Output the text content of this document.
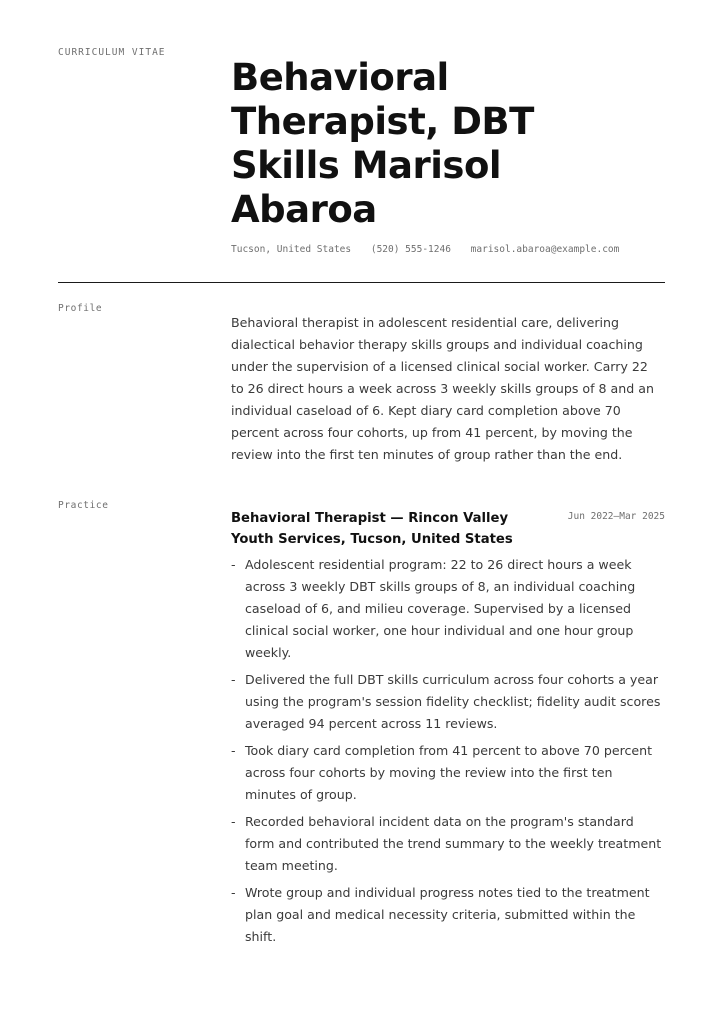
CURRICULUM VITAE
Behavioral Therapist, DBT Skills Marisol Abaroa
Tucson, United States (520) 555-1246 marisol.abaroa@example.com
Profile

Behavioral therapist in adolescent residential care, delivering dialectical behavior therapy skills groups and individual coaching under the supervision of a licensed clinical social worker. Carry 22 to 26 direct hours a week across 3 weekly skills groups of 8 and an individual caseload of 6. Kept diary card completion above 70 percent across four cohorts, up from 41 percent, by moving the review into the first ten minutes of group rather than the end.

Practice

Behavioral Therapist — Rincon Valley Youth Services, Tucson, United States

Jun 2022–Mar 2025
- Adolescent residential program: 22 to 26 direct hours a week across 3 weekly DBT skills groups of 8, an individual coaching caseload of 6, and milieu coverage. Supervised by a licensed clinical social worker, one hour individual and one hour group weekly.
- Delivered the full DBT skills curriculum across four cohorts a year using the program's session fidelity checklist; fidelity audit scores averaged 94 percent across 11 reviews.
- Took diary card completion from 41 percent to above 70 percent across four cohorts by moving the review into the first ten minutes of group.
- Recorded behavioral incident data on the program's standard form and contributed the trend summary to the weekly treatment team meeting.
- Wrote group and individual progress notes tied to the treatment plan goal and medical necessity criteria, submitted within the shift.
